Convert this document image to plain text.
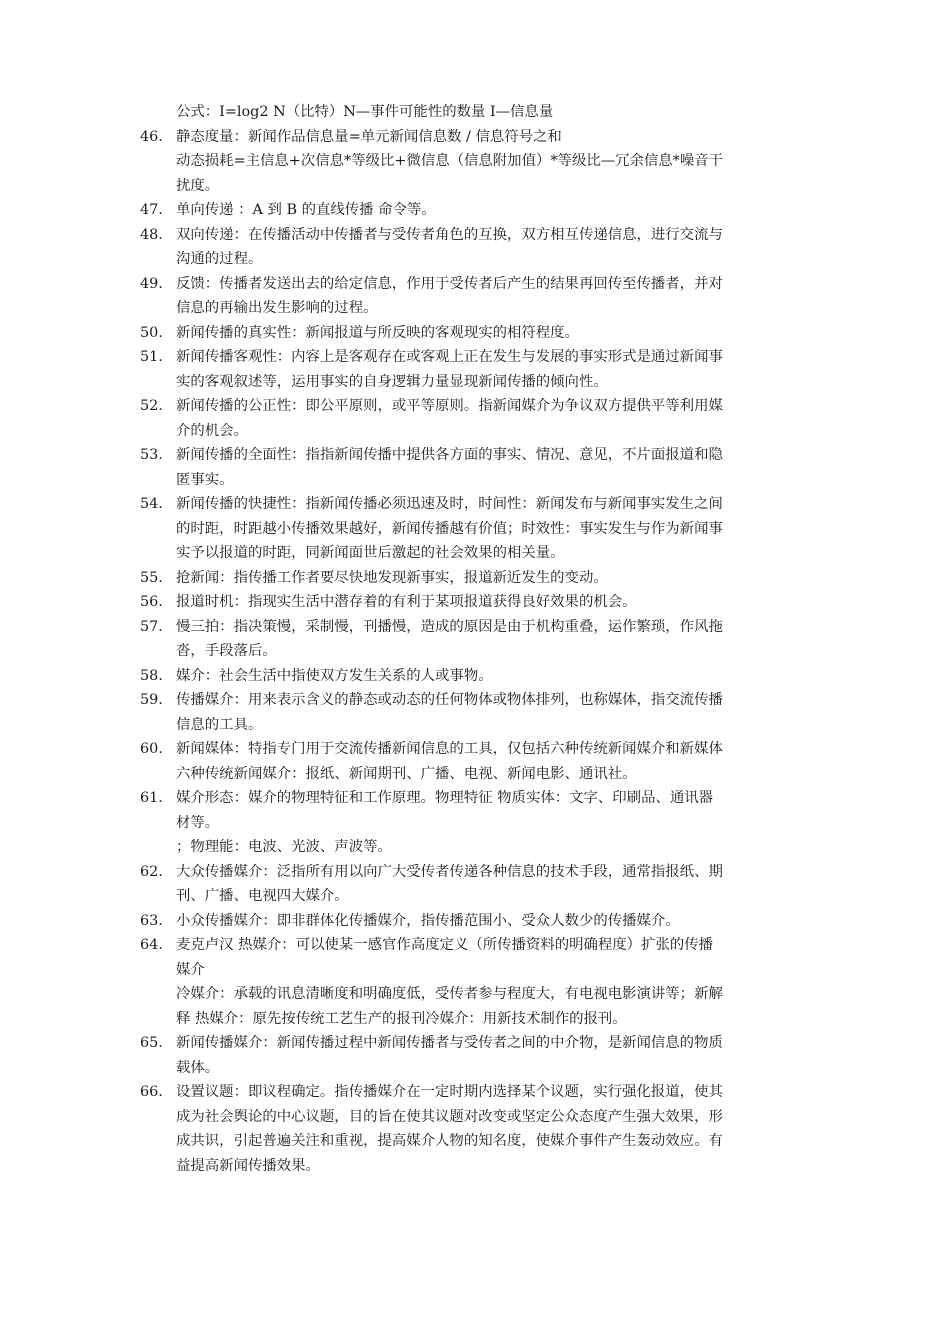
公式：I=log2 N（比特）N—事件可能性的数量 I—信息量
46. 静态度量：新闻作品信息量=单元新闻信息数 / 信息符号之和
动态损耗=主信息+次信息*等级比+微信息（信息附加值）*等级比—冗余信息*噪音干
扰度。
47. 单向传递 ：A 到 B 的直线传播 命令等。
48. 双向传递：在传播活动中传播者与受传者角色的互换，双方相互传递信息，进行交流与
沟通的过程。
49. 反馈：传播者发送出去的给定信息，作用于受传者后产生的结果再回传至传播者，并对
信息的再输出发生影响的过程。
50. 新闻传播的真实性：新闻报道与所反映的客观现实的相符程度。
51. 新闻传播客观性：内容上是客观存在或客观上正在发生与发展的事实形式是通过新闻事
实的客观叙述等，运用事实的自身逻辑力量显现新闻传播的倾向性。
52. 新闻传播的公正性：即公平原则，或平等原则。指新闻媒介为争议双方提供平等利用媒
介的机会。
53. 新闻传播的全面性：指指新闻传播中提供各方面的事实、情况、意见，不片面报道和隐
匿事实。
54. 新闻传播的快捷性：指新闻传播必须迅速及时，时间性：新闻发布与新闻事实发生之间
的时距，时距越小传播效果越好，新闻传播越有价值；时效性：事实发生与作为新闻事
实予以报道的时距，同新闻面世后激起的社会效果的相关量。
55. 抢新闻：指传播工作者要尽快地发现新事实，报道新近发生的变动。
56. 报道时机：指现实生活中潜存着的有利于某项报道获得良好效果的机会。
57. 慢三拍：指决策慢，采制慢，刊播慢，造成的原因是由于机构重叠，运作繁琐，作风拖
沓，手段落后。
58. 媒介：社会生活中指使双方发生关系的人或事物。
59. 传播媒介：用来表示含义的静态或动态的任何物体或物体排列，也称媒体，指交流传播
信息的工具。
60. 新闻媒体：特指专门用于交流传播新闻信息的工具，仅包括六种传统新闻媒介和新媒体
六种传统新闻媒介：报纸、新闻期刊、广播、电视、新闻电影、通讯社。
61. 媒介形态：媒介的物理特征和工作原理。物理特征 物质实体：文字、印刷品、通讯器
材等。
；物理能：电波、光波、声波等。
62. 大众传播媒介：泛指所有用以向广大受传者传递各种信息的技术手段，通常指报纸、期
刊、广播、电视四大媒介。
63. 小众传播媒介：即非群体化传播媒介，指传播范围小、受众人数少的传播媒介。
64. 麦克卢汉 热媒介：可以使某一感官作高度定义（所传播资料的明确程度）扩张的传播
媒介
冷媒介：承载的讯息清晰度和明确度低，受传者参与程度大，有电视电影演讲等；新解
释 热媒介：原先按传统工艺生产的报刊冷媒介：用新技术制作的报刊。
65. 新闻传播媒介：新闻传播过程中新闻传播者与受传者之间的中介物，是新闻信息的物质
载体。
66. 设置议题：即议程确定。指传播媒介在一定时期内选择某个议题，实行强化报道，使其
成为社会舆论的中心议题，目的旨在使其议题对改变或坚定公众态度产生强大效果，形
成共识，引起普遍关注和重视，提高媒介人物的知名度，使媒介事件产生轰动效应。有
益提高新闻传播效果。
